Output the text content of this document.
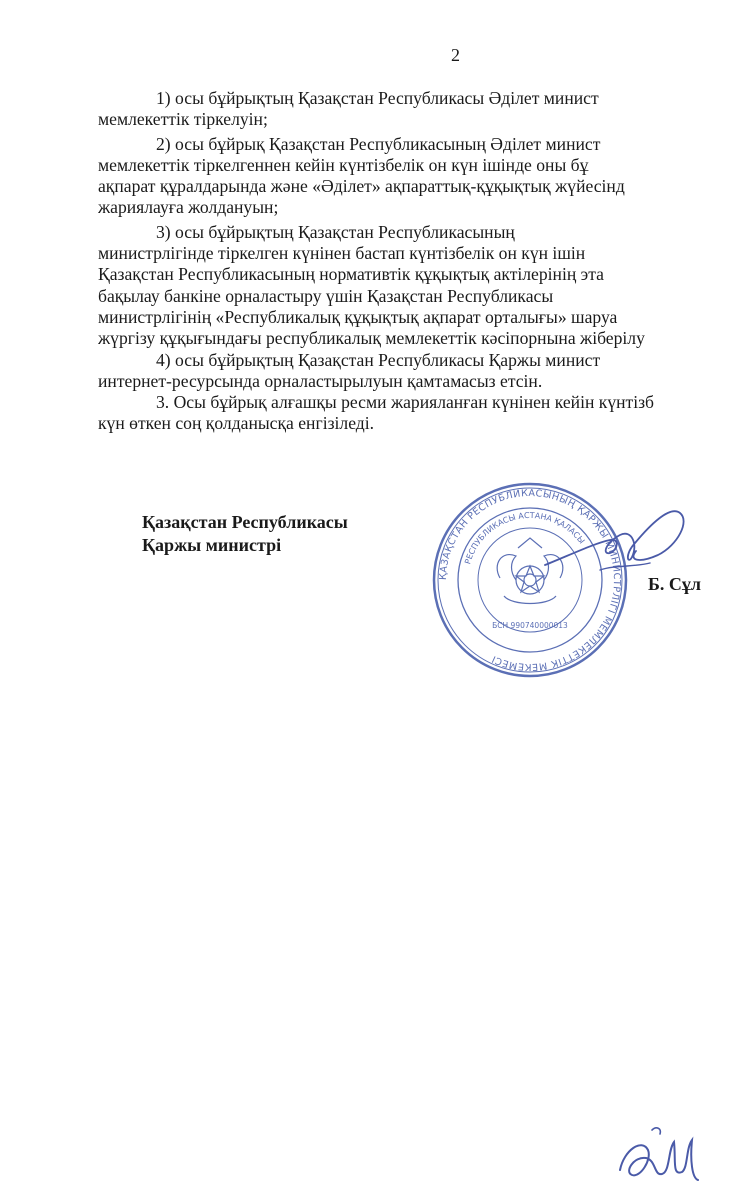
2

1) осы бұйрықтың Қазақстан Республикасы Әділет минист
мемлекеттік тіркелуін;

2) осы бұйрық Қазақстан Республикасының Әділет минист
мемлекеттік тіркелгеннен кейін күнтізбелік он күн ішінде оны бұ
ақпарат құралдарында және «Әділет» ақпараттық-құқықтық жүйесінд
жариялауға жолдануын;

3) осы бұйрықтың Қазақстан Республикасының
министрлігінде тіркелген күнінен бастап күнтізбелік он күн ішін
Қазақстан Республикасының нормативтік құқықтық актілерінің эта
бақылау банкіне орналастыру үшін Қазақстан Республикасы
министрлігінің «Республикалық құқықтық ақпарат орталығы» шаруа
жүргізу құқығындағы республикалық мемлекеттік кәсіпорнына жіберілу

4) осы бұйрықтың Қазақстан Республикасы Қаржы минист
интернет-ресурсында орналастырылуын қамтамасыз етсін.

3. Осы бұйрық алғашқы ресми жарияланған күнінен кейін күнтізб
күн өткен соң қолданысқа енгізіледі.

Қазақстан Республикасы
Қаржы министрі
Б. Сұл
ҚАЗАҚСТАН РЕСПУБЛИКАСЫНЫҢ ҚАРЖЫ МИНИСТРЛІГІ МЕМЛЕКЕТТІК МЕКЕМЕСІ
РЕСПУБЛИКАСЫ АСТАНА ҚАЛАСЫ
БСН 990740000013
